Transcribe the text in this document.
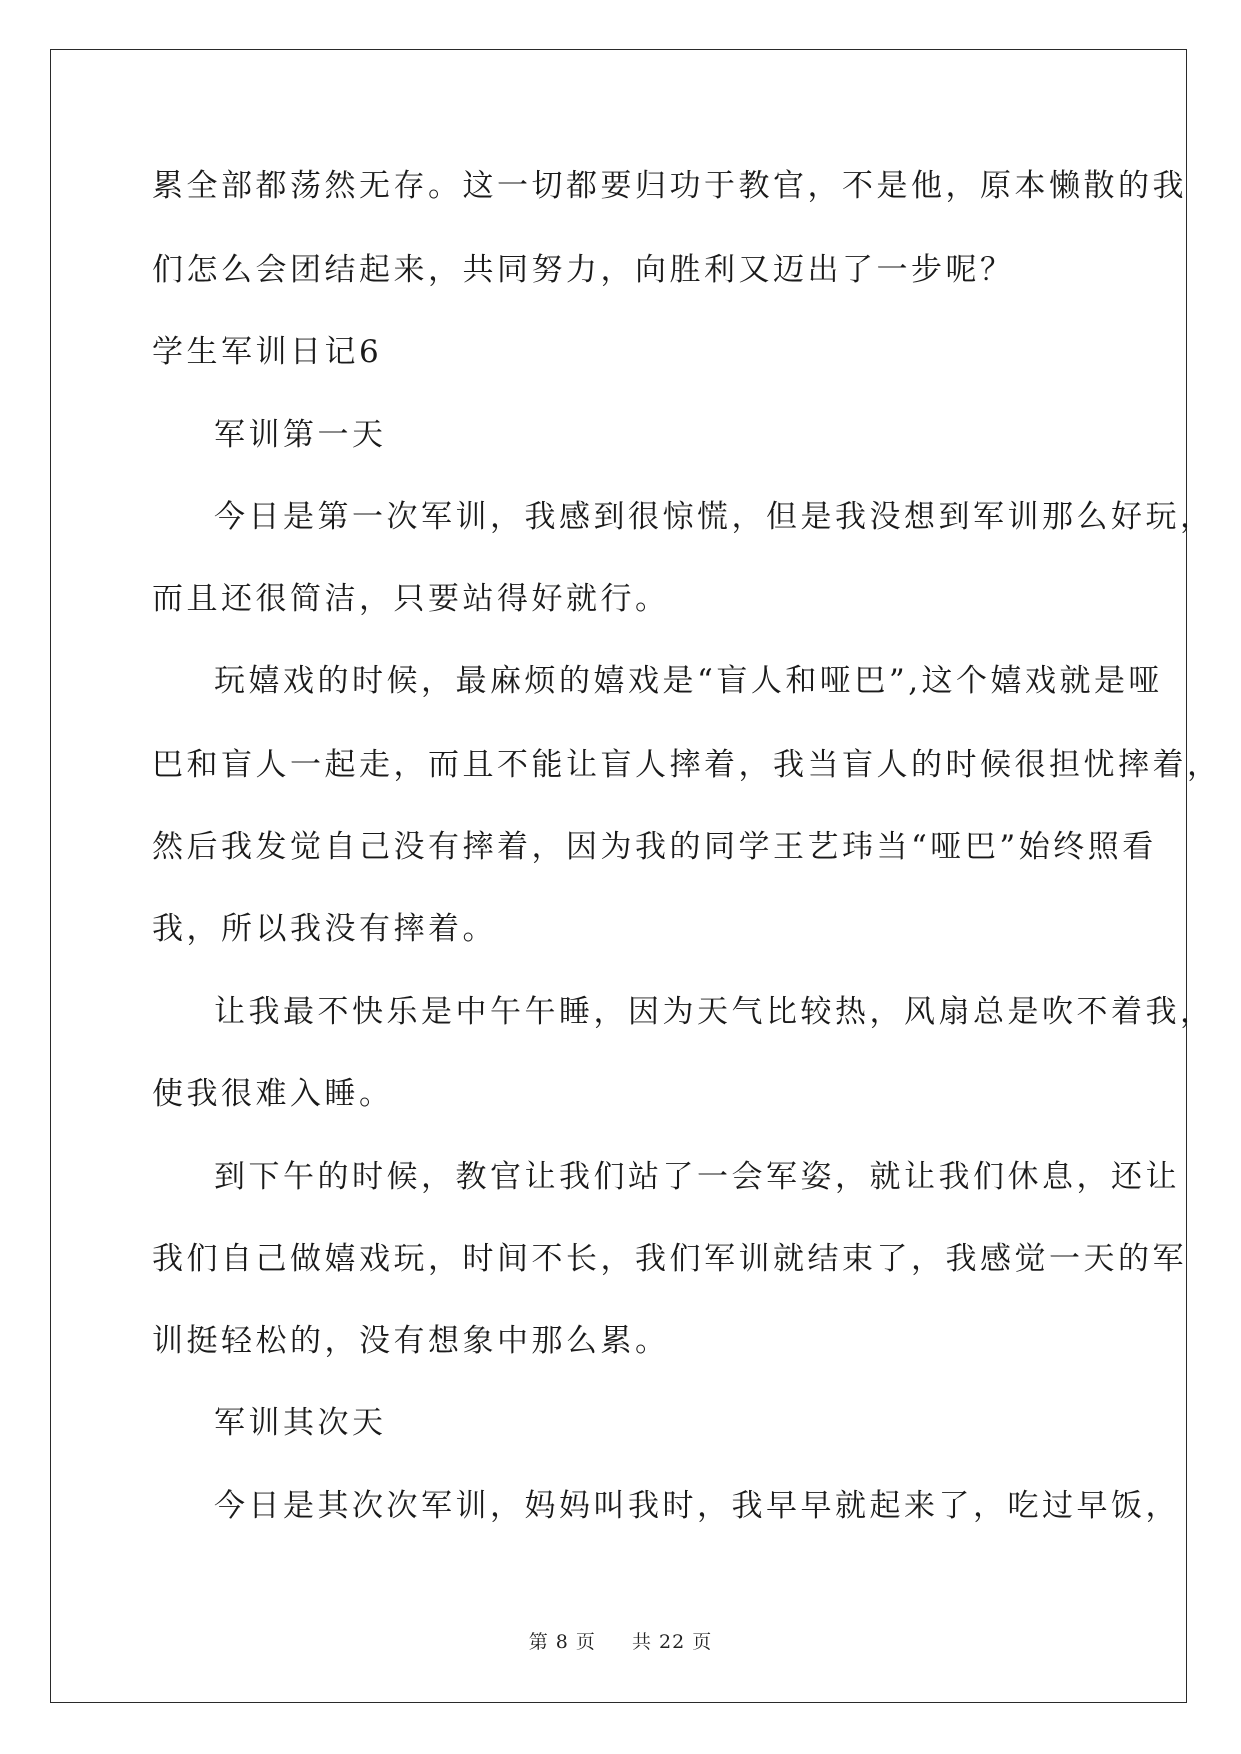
累全部都荡然无存。这一切都要归功于教官，不是他，原本懒散的我
们怎么会团结起来，共同努力，向胜利又迈出了一步呢？
学生军训日记6
军训第一天
今日是第一次军训，我感到很惊慌，但是我没想到军训那么好玩，
而且还很简洁，只要站得好就行。
玩嬉戏的时候，最麻烦的嬉戏是“盲人和哑巴”,这个嬉戏就是哑
巴和盲人一起走，而且不能让盲人摔着，我当盲人的时候很担忧摔着，
然后我发觉自己没有摔着，因为我的同学王艺玮当“哑巴”始终照看
我，所以我没有摔着。
让我最不快乐是中午午睡，因为天气比较热，风扇总是吹不着我，
使我很难入睡。
到下午的时候，教官让我们站了一会军姿，就让我们休息，还让
我们自己做嬉戏玩，时间不长，我们军训就结束了，我感觉一天的军
训挺轻松的，没有想象中那么累。
军训其次天
今日是其次次军训，妈妈叫我时，我早早就起来了，吃过早饭，
第 8 页 共 22 页
